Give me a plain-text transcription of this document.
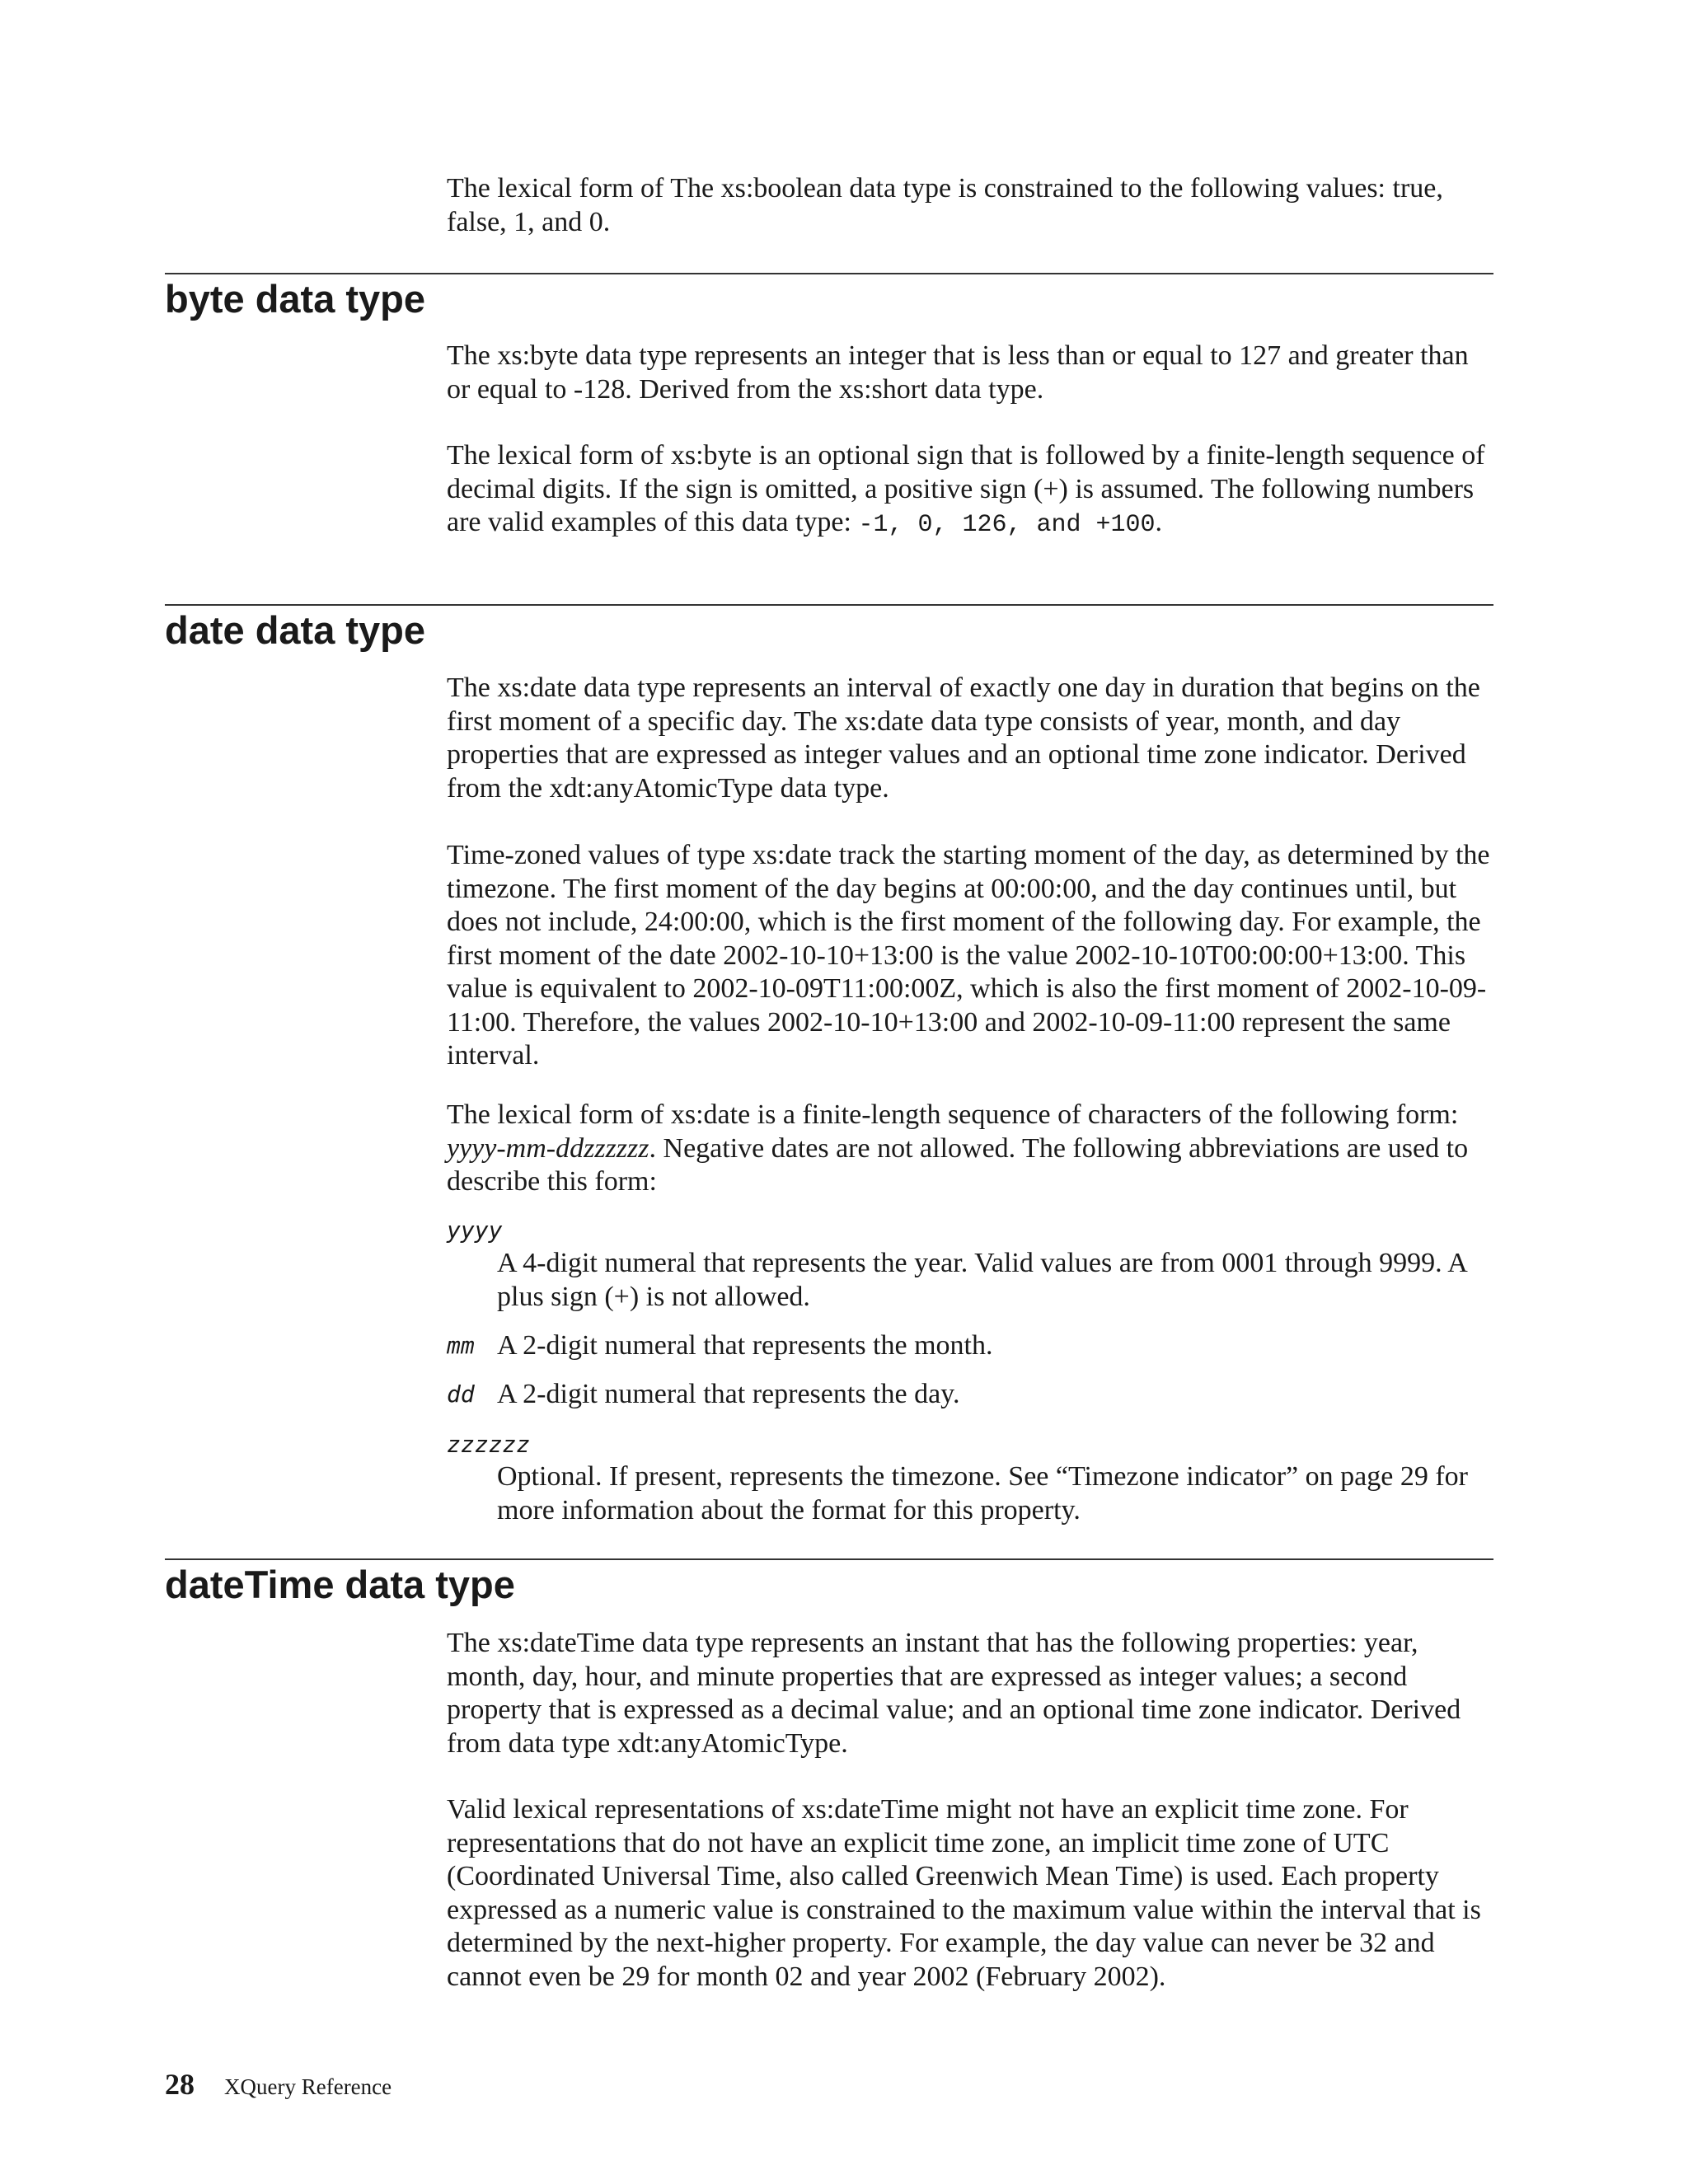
The lexical form of The xs:boolean data type is constrained to the following values: true, false, 1, and 0.

byte data type

The xs:byte data type represents an integer that is less than or equal to 127 and greater than or equal to -128. Derived from the xs:short data type.

The lexical form of xs:byte is an optional sign that is followed by a finite-length sequence of decimal digits. If the sign is omitted, a positive sign (+) is assumed. The following numbers are valid examples of this data type: -1, 0, 126, and +100.

date data type

The xs:date data type represents an interval of exactly one day in duration that begins on the first moment of a specific day. The xs:date data type consists of year, month, and day properties that are expressed as integer values and an optional time zone indicator. Derived from the xdt:anyAtomicType data type.

Time-zoned values of type xs:date track the starting moment of the day, as determined by the timezone. The first moment of the day begins at 00:00:00, and the day continues until, but does not include, 24:00:00, which is the first moment of the following day. For example, the first moment of the date 2002-10-10+13:00 is the value 2002-10-10T00:00:00+13:00. This value is equivalent to 2002-10-09T11:00:00Z, which is also the first moment of 2002-10-09-11:00. Therefore, the values 2002-10-10+13:00 and 2002-10-09-11:00 represent the same interval.

The lexical form of xs:date is a finite-length sequence of characters of the following form: yyyy-mm-ddzzzzzz. Negative dates are not allowed. The following abbreviations are used to describe this form:

yyyy
A 4-digit numeral that represents the year. Valid values are from 0001 through 9999. A plus sign (+) is not allowed.
mm A 2-digit numeral that represents the month.
dd A 2-digit numeral that represents the day.
zzzzzz
Optional. If present, represents the timezone. See “Timezone indicator” on page 29 for more information about the format for this property.
dateTime data type

The xs:dateTime data type represents an instant that has the following properties: year, month, day, hour, and minute properties that are expressed as integer values; a second property that is expressed as a decimal value; and an optional time zone indicator. Derived from data type xdt:anyAtomicType.

Valid lexical representations of xs:dateTime might not have an explicit time zone. For representations that do not have an explicit time zone, an implicit time zone of UTC (Coordinated Universal Time, also called Greenwich Mean Time) is used. Each property expressed as a numeric value is constrained to the maximum value within the interval that is determined by the next-higher property. For example, the day value can never be 32 and cannot even be 29 for month 02 and year 2002 (February 2002).

28 XQuery Reference
